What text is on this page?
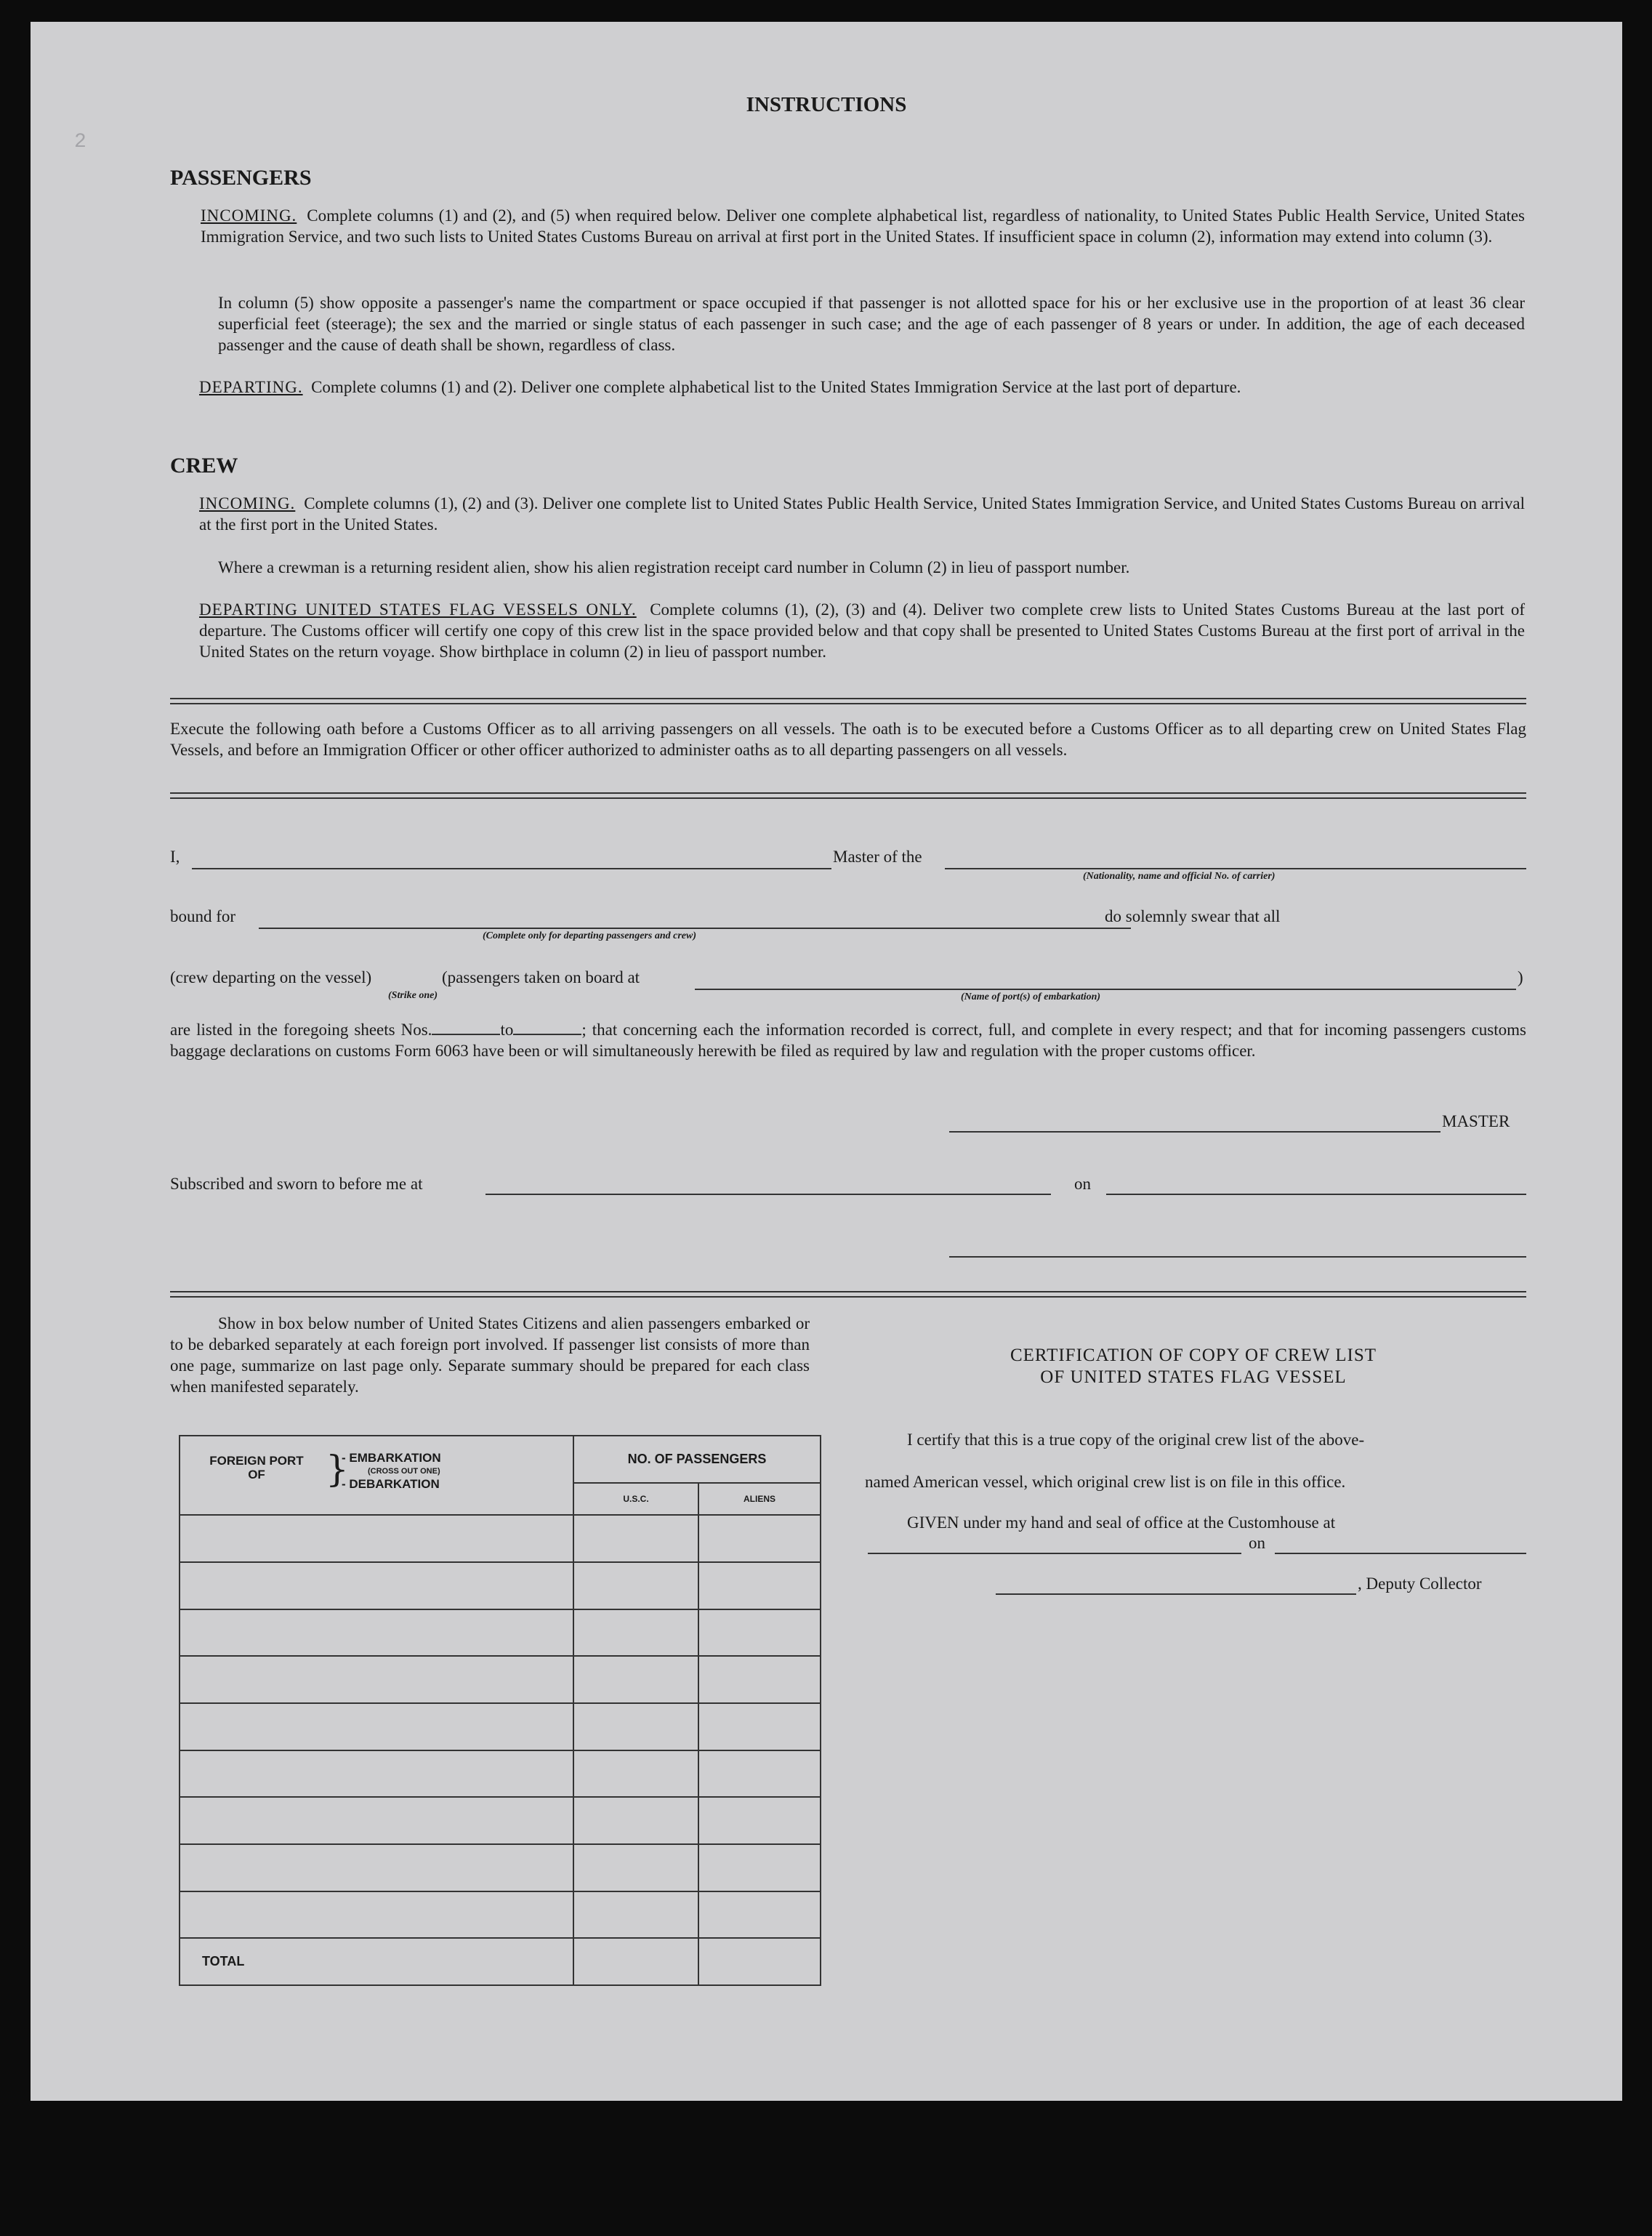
2
INSTRUCTIONS
PASSENGERS

INCOMING. Complete columns (1) and (2), and (5) when required below. Deliver one complete alphabetical list, regardless of nationality, to United States Public Health Service, United States Immigration Service, and two such lists to United States Customs Bureau on arrival at first port in the United States. If insufficient space in column (2), information may extend into column (3).

In column (5) show opposite a passenger's name the compartment or space occupied if that passenger is not allotted space for his or her exclusive use in the proportion of at least 36 clear superficial feet (steerage); the sex and the married or single status of each passenger in such case; and the age of each passenger of 8 years or under. In addition, the age of each deceased passenger and the cause of death shall be shown, regardless of class.

DEPARTING. Complete columns (1) and (2). Deliver one complete alphabetical list to the United States Immigration Service at the last port of departure.

CREW

INCOMING. Complete columns (1), (2) and (3). Deliver one complete list to United States Public Health Service, United States Immigration Service, and United States Customs Bureau on arrival at the first port in the United States.

Where a crewman is a returning resident alien, show his alien registration receipt card number in Column (2) in lieu of passport number.

DEPARTING UNITED STATES FLAG VESSELS ONLY. Complete columns (1), (2), (3) and (4). Deliver two complete crew lists to United States Customs Bureau at the last port of departure. The Customs officer will certify one copy of this crew list in the space provided below and that copy shall be presented to United States Customs Bureau at the first port of arrival in the United States on the return voyage. Show birthplace in column (2) in lieu of passport number.

Execute the following oath before a Customs Officer as to all arriving passengers on all vessels. The oath is to be executed before a Customs Officer as to all departing crew on United States Flag Vessels, and before an Immigration Officer or other officer authorized to administer oaths as to all departing passengers on all vessels.

I,	Master of the
(Nationality, name and official No. of carrier)
bound for
(Complete only for departing passengers and crew)
do solemnly swear that all
(crew departing on the vessel)
(Strike one)
(passengers taken on board at	)
(Name of port(s) of embarkation)

are listed in the foregoing sheets Nos.	to	; that concerning each the information recorded is correct, full, and complete in every respect; and that for incoming passengers customs baggage declarations on customs Form 6063 have been or will simultaneously herewith be filed as required by law and regulation with the proper customs officer.

MASTER
Subscribed and sworn to before me at	on

Show in box below number of United States Citizens and alien passengers embarked or to be debarked separately at each foreign port involved. If passenger list consists of more than one page, summarize on last page only. Separate summary should be prepared for each class when manifested separately.

FOREIGN PORT OF }
- EMBARKATION
(CROSS OUT ONE)
- DEBARKATION	NO. OF PASSENGERS	
	U.S.C.	ALIENS

TOTAL		
CERTIFICATION OF COPY OF CREW LIST
OF UNITED STATES FLAG VESSEL
I certify that this is a true copy of the original crew list of the above-
named American vessel, which original crew list is on file in this office.
GIVEN under my hand and seal of office at the Customhouse at
on
, Deputy Collector
